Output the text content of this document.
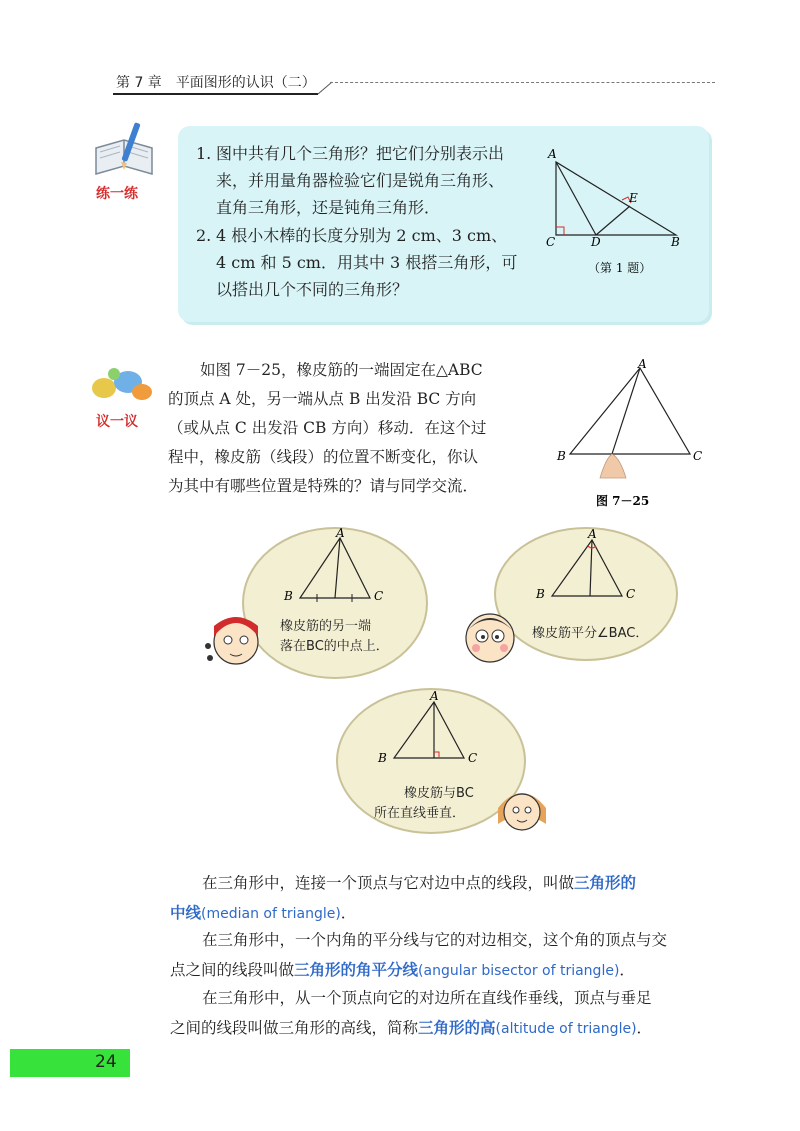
第 7 章 平面图形的认识（二）
练一练
1. 图中共有几个三角形？把它们分别表示出
来，并用量角器检验它们是锐角三角形、
直角三角形，还是钝角三角形．
2. 4 根小木棒的长度分别为 2 cm、3 cm、
4 cm 和 5 cm．用其中 3 根搭三角形，可
以搭出几个不同的三角形？
A
C	D
E
B
（第 1 题）
议一议
如图 7－25，橡皮筋的一端固定在△ABC
的顶点 A 处，另一端从点 B 出发沿 BC 方向
（或从点 C 出发沿 CB 方向）移动．在这个过
程中，橡皮筋（线段）的位置不断变化，你认
为其中有哪些位置是特殊的？请与同学交流．
A
B	C
图 7－25
A
B	C
橡皮筋的另一端
落在BC的中点上．
A
B	C
橡皮筋平分∠BAC．
A
B	C
橡皮筋与BC
所在直线垂直．
在三角形中，连接一个顶点与它对边中点的线段，叫做三角形的
中线(median of triangle)．
在三角形中，一个内角的平分线与它的对边相交，这个角的顶点与交
点之间的线段叫做三角形的角平分线(angular bisector of triangle)．
在三角形中，从一个顶点向它的对边所在直线作垂线，顶点与垂足
之间的线段叫做三角形的高线，简称三角形的高(altitude of triangle)．
24
